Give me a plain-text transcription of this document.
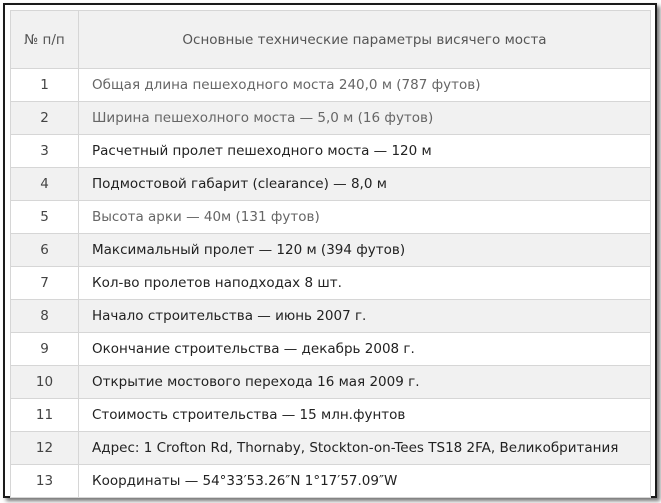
№ п/п	Основные технические параметры висячего моста
1	Общая длина пешеходного моста 240,0 м (787 футов)
2	Ширина пешехолного моста — 5,0 м (16 футов)
3	Расчетный пролет пешеходного моста — 120 м
4	Подмостовой габарит (clearance) — 8,0 м
5	Высота арки — 40м (131 футов)
6	Максимальный пролет — 120 м (394 футов)
7	Кол-во пролетов наподходах 8 шт.
8	Начало строительства — июнь 2007 г.
9	Окончание строительства — декабрь 2008 г.
10	Открытие мостового перехода 16 мая 2009 г.
11	Стоимость строительства — 15 млн.фунтов
12	Адрес: 1 Crofton Rd, Thornaby, Stockton-on-Tees TS18 2FA, Великобритания
13	Координаты — 54°33′53.26″N 1°17′57.09″W
